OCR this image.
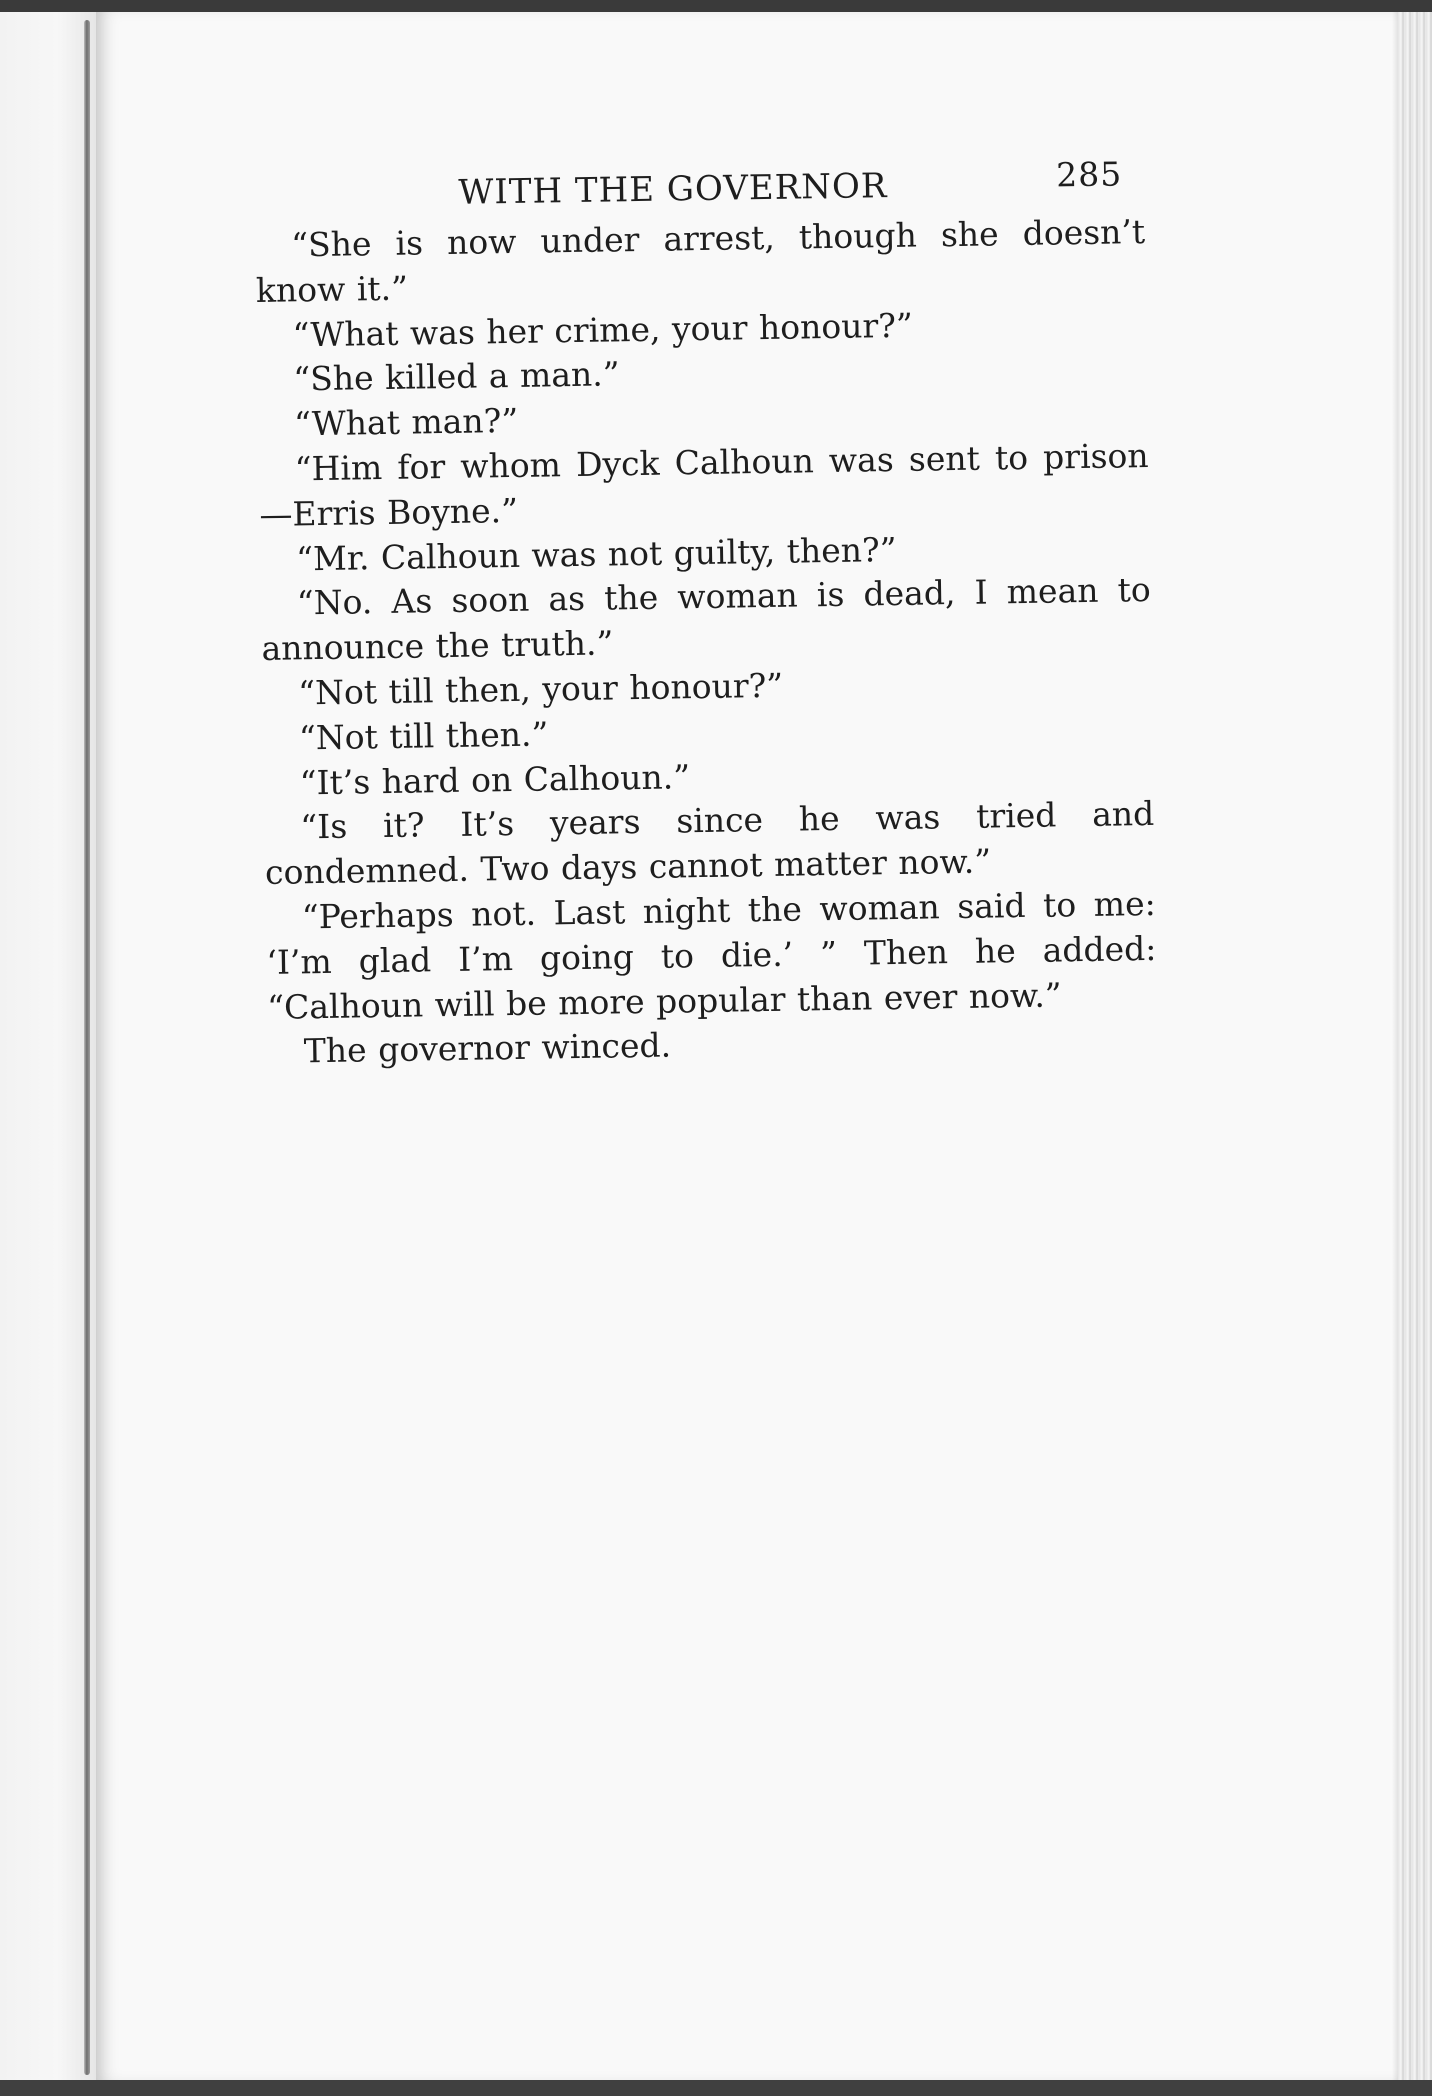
WITH THE GOVERNOR	285

“She is now under arrest, though she doesn’t know it.”

“What was her crime, your honour?”

“She killed a man.”

“What man?”

“Him for whom Dyck Calhoun was sent to prison —Erris Boyne.”

“Mr. Calhoun was not guilty, then?”

“No. As soon as the woman is dead, I mean to announce the truth.”

“Not till then, your honour?”

“Not till then.”

“It’s hard on Calhoun.”

“Is it? It’s years since he was tried and condemned. Two days cannot matter now.”

“Perhaps not. Last night the woman said to me: ‘I’m glad I’m going to die.’ ” Then he added: “Calhoun will be more popular than ever now.”

The governor winced.
